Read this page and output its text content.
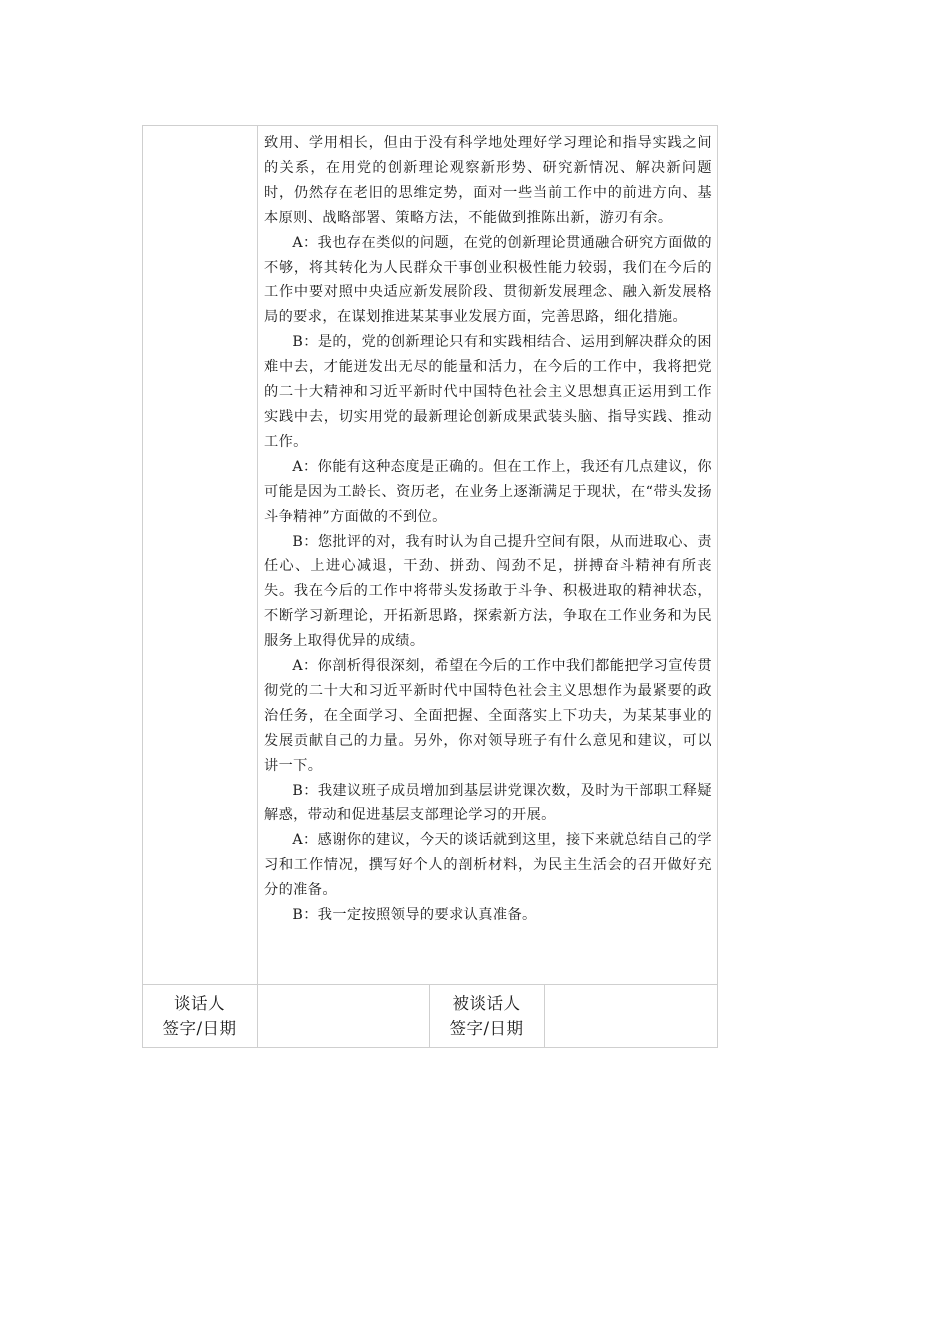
致用、学用相长，但由于没有科学地处理好学习理论和指导实践之间的关系，在用党的创新理论观察新形势、研究新情况、解决新问题时，仍然存在老旧的思维定势，面对一些当前工作中的前进方向、基本原则、战略部署、策略方法，不能做到推陈出新，游刃有余。

A：我也存在类似的问题，在党的创新理论贯通融合研究方面做的不够，将其转化为人民群众干事创业积极性能力较弱，我们在今后的工作中要对照中央适应新发展阶段、贯彻新发展理念、融入新发展格局的要求，在谋划推进某某事业发展方面，完善思路，细化措施。

B：是的，党的创新理论只有和实践相结合、运用到解决群众的困难中去，才能迸发出无尽的能量和活力，在今后的工作中，我将把党的二十大精神和习近平新时代中国特色社会主义思想真正运用到工作实践中去，切实用党的最新理论创新成果武装头脑、指导实践、推动工作。

A：你能有这种态度是正确的。但在工作上，我还有几点建议，你可能是因为工龄长、资历老，在业务上逐渐满足于现状，在“带头发扬斗争精神”方面做的不到位。

B：您批评的对，我有时认为自己提升空间有限，从而进取心、责任心、上进心减退，干劲、拼劲、闯劲不足，拼搏奋斗精神有所丧失。我在今后的工作中将带头发扬敢于斗争、积极进取的精神状态，不断学习新理论，开拓新思路，探索新方法，争取在工作业务和为民服务上取得优异的成绩。

A：你剖析得很深刻，希望在今后的工作中我们都能把学习宣传贯彻党的二十大和习近平新时代中国特色社会主义思想作为最紧要的政治任务，在全面学习、全面把握、全面落实上下功夫，为某某事业的发展贡献自己的力量。另外，你对领导班子有什么意见和建议，可以讲一下。

B：我建议班子成员增加到基层讲党课次数，及时为干部职工释疑解惑，带动和促进基层支部理论学习的开展。

A：感谢你的建议，今天的谈话就到这里，接下来就总结自己的学习和工作情况，撰写好个人的剖析材料，为民主生活会的召开做好充分的准备。

B：我一定按照领导的要求认真准备。

谈话人
签字/日期
被谈话人
签字/日期
